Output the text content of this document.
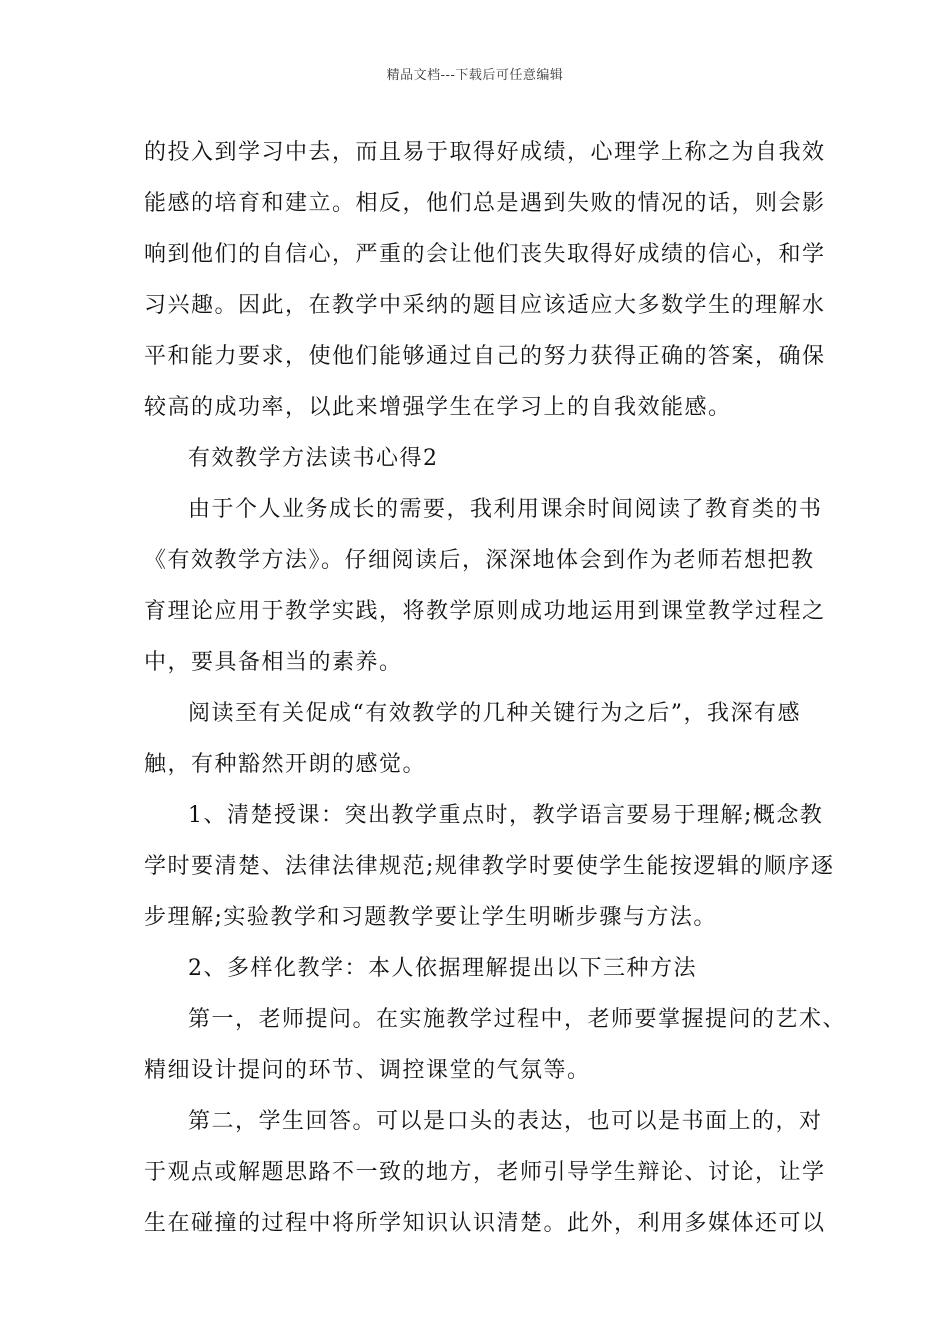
精品文档---下载后可任意编辑
的投入到学习中去，而且易于取得好成绩，心理学上称之为自我效
能感的培育和建立。相反，他们总是遇到失败的情况的话，则会影
响到他们的自信心，严重的会让他们丧失取得好成绩的信心，和学
习兴趣。因此，在教学中采纳的题目应该适应大多数学生的理解水
平和能力要求，使他们能够通过自己的努力获得正确的答案，确保
较高的成功率，以此来增强学生在学习上的自我效能感。
有效教学方法读书心得2
由于个人业务成长的需要，我利用课余时间阅读了教育类的书
《有效教学方法》。仔细阅读后，深深地体会到作为老师若想把教
育理论应用于教学实践，将教学原则成功地运用到课堂教学过程之
中，要具备相当的素养。
阅读至有关促成“有效教学的几种关键行为之后”，我深有感
触，有种豁然开朗的感觉。
1、清楚授课：突出教学重点时，教学语言要易于理解;概念教
学时要清楚、法律法律规范;规律教学时要使学生能按逻辑的顺序逐
步理解;实验教学和习题教学要让学生明晰步骤与方法。
2、多样化教学：本人依据理解提出以下三种方法
第一，老师提问。在实施教学过程中，老师要掌握提问的艺术、
精细设计提问的环节、调控课堂的气氛等。
第二，学生回答。可以是口头的表达，也可以是书面上的，对
于观点或解题思路不一致的地方，老师引导学生辩论、讨论，让学
生在碰撞的过程中将所学知识认识清楚。此外，利用多媒体还可以
